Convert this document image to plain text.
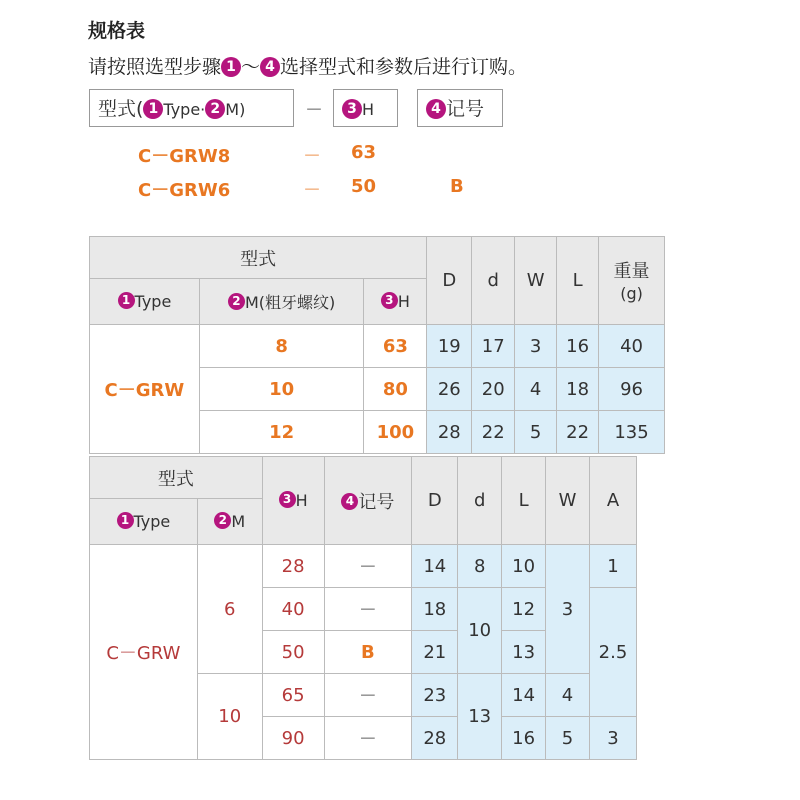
规格表
请按照选型步骤 1 ～ 4 选择型式和参数后进行订购。
型式( 1 Type· 2 M)	－	3 H	4 记号
C－GRW8	－ 63
C－GRW6	－ 50	B
型式			D	d	W	L	重量
(g)
1 Type	2 M(粗牙螺纹)	3 H					
C－GRW	8	63	19	17	3	16	40
	10	80	26	20	4	18	96
	12	100	28	22	5	22	135
型式		3 H	4 记号	D	d	L	W	A
1 Type	2 M							
C－GRW	6	28	－	14	8	10	3	1
		40	－	18	10	12		2.5
		50	B	21		13		
	10	65	－	23	13	14	4	
		90	－	28		16	5	3
